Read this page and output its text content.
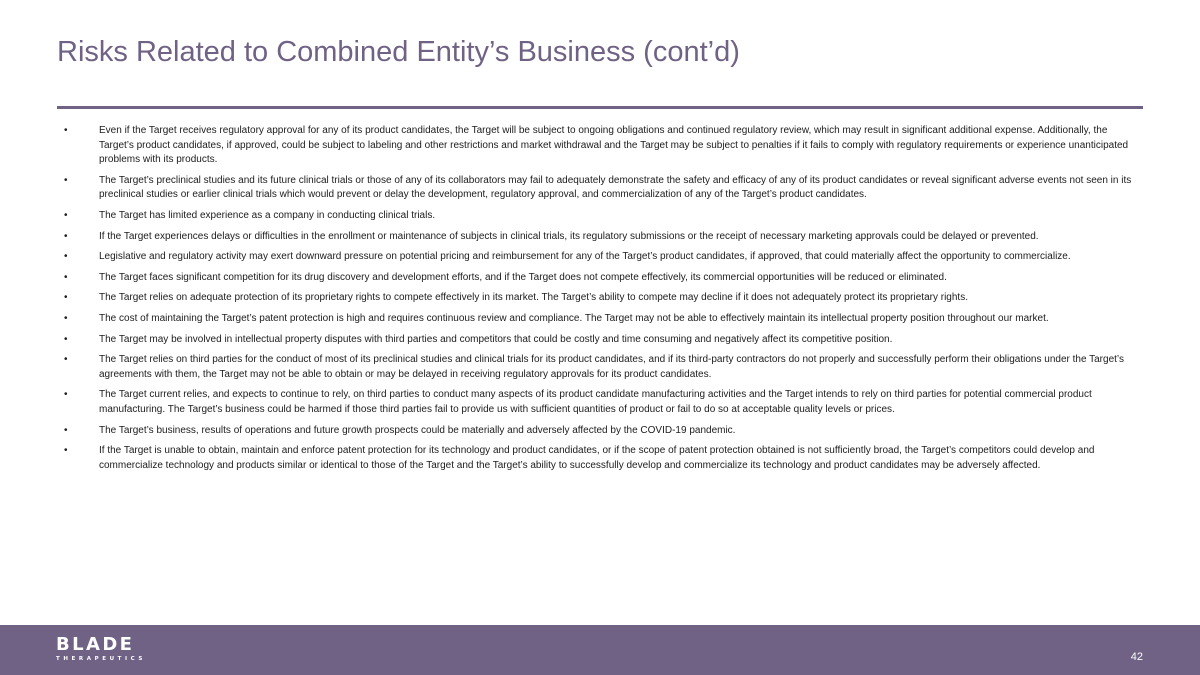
Risks Related to Combined Entity’s Business (cont’d)
•	Even if the Target receives regulatory approval for any of its product candidates, the Target will be subject to ongoing obligations and continued regulatory review, which may result in significant additional expense. Additionally, the Target’s product candidates, if approved, could be subject to labeling and other restrictions and market withdrawal and the Target may be subject to penalties if it fails to comply with regulatory requirements or experience unanticipated problems with its products.
•	The Target’s preclinical studies and its future clinical trials or those of any of its collaborators may fail to adequately demonstrate the safety and efficacy of any of its product candidates or reveal significant adverse events not seen in its preclinical studies or earlier clinical trials which would prevent or delay the development, regulatory approval, and commercialization of any of the Target’s product candidates.
•	The Target has limited experience as a company in conducting clinical trials.
•	If the Target experiences delays or difficulties in the enrollment or maintenance of subjects in clinical trials, its regulatory submissions or the receipt of necessary marketing approvals could be delayed or prevented.
•	Legislative and regulatory activity may exert downward pressure on potential pricing and reimbursement for any of the Target’s product candidates, if approved, that could materially affect the opportunity to commercialize.
•	The Target faces significant competition for its drug discovery and development efforts, and if the Target does not compete effectively, its commercial opportunities will be reduced or eliminated.
•	The Target relies on adequate protection of its proprietary rights to compete effectively in its market. The Target’s ability to compete may decline if it does not adequately protect its proprietary rights.
•	The cost of maintaining the Target’s patent protection is high and requires continuous review and compliance. The Target may not be able to effectively maintain its intellectual property position throughout our market.
•	The Target may be involved in intellectual property disputes with third parties and competitors that could be costly and time consuming and negatively affect its competitive position.
•	The Target relies on third parties for the conduct of most of its preclinical studies and clinical trials for its product candidates, and if its third-party contractors do not properly and successfully perform their obligations under the Target’s agreements with them, the Target may not be able to obtain or may be delayed in receiving regulatory approvals for its product candidates.
•	The Target current relies, and expects to continue to rely, on third parties to conduct many aspects of its product candidate manufacturing activities and the Target intends to rely on third parties for potential commercial product manufacturing. The Target’s business could be harmed if those third parties fail to provide us with sufficient quantities of product or fail to do so at acceptable quality levels or prices.
•	The Target’s business, results of operations and future growth prospects could be materially and adversely affected by the COVID-19 pandemic.
•	If the Target is unable to obtain, maintain and enforce patent protection for its technology and product candidates, or if the scope of patent protection obtained is not sufficiently broad, the Target’s competitors could develop and commercialize technology and products similar or identical to those of the Target and the Target’s ability to successfully develop and commercialize its technology and product candidates may be adversely affected.
BLADE
THERAPEUTICS	42
